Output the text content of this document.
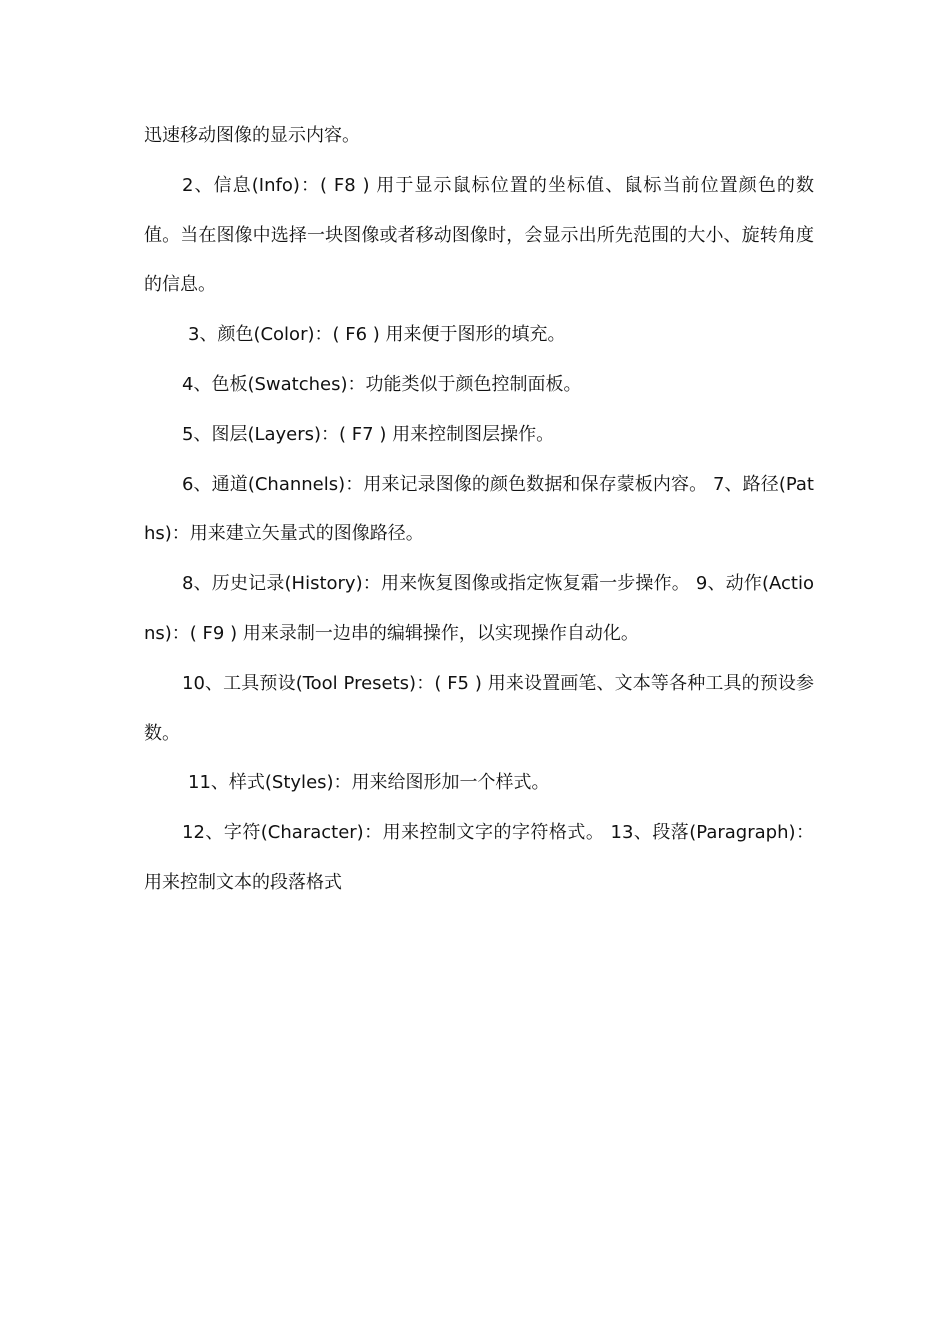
迅速移动图像的显示内容。

2、信息(Info)：( F8 ) 用于显示鼠标位置的坐标值、鼠标当前位置颜色的数值。当在图像中选择一块图像或者移动图像时，会显示出所先范围的大小、旋转角度的信息。

3、颜色(Color)：( F6 ) 用来便于图形的填充。

4、色板(Swatches)：功能类似于颜色控制面板。

5、图层(Layers)：( F7 ) 用来控制图层操作。

6、通道(Channels)：用来记录图像的颜色数据和保存蒙板内容。 7、路径(Paths)：用来建立矢量式的图像路径。

8、历史记录(History)：用来恢复图像或指定恢复霜一步操作。 9、动作(Actions)：( F9 ) 用来录制一边串的编辑操作，以实现操作自动化。

10、工具预设(Tool Presets)：( F5 ) 用来设置画笔、文本等各种工具的预设参数。

11、样式(Styles)：用来给图形加一个样式。

12、字符(Character)：用来控制文字的字符格式。 13、段落(Paragraph)：用来控制文本的段落格式
